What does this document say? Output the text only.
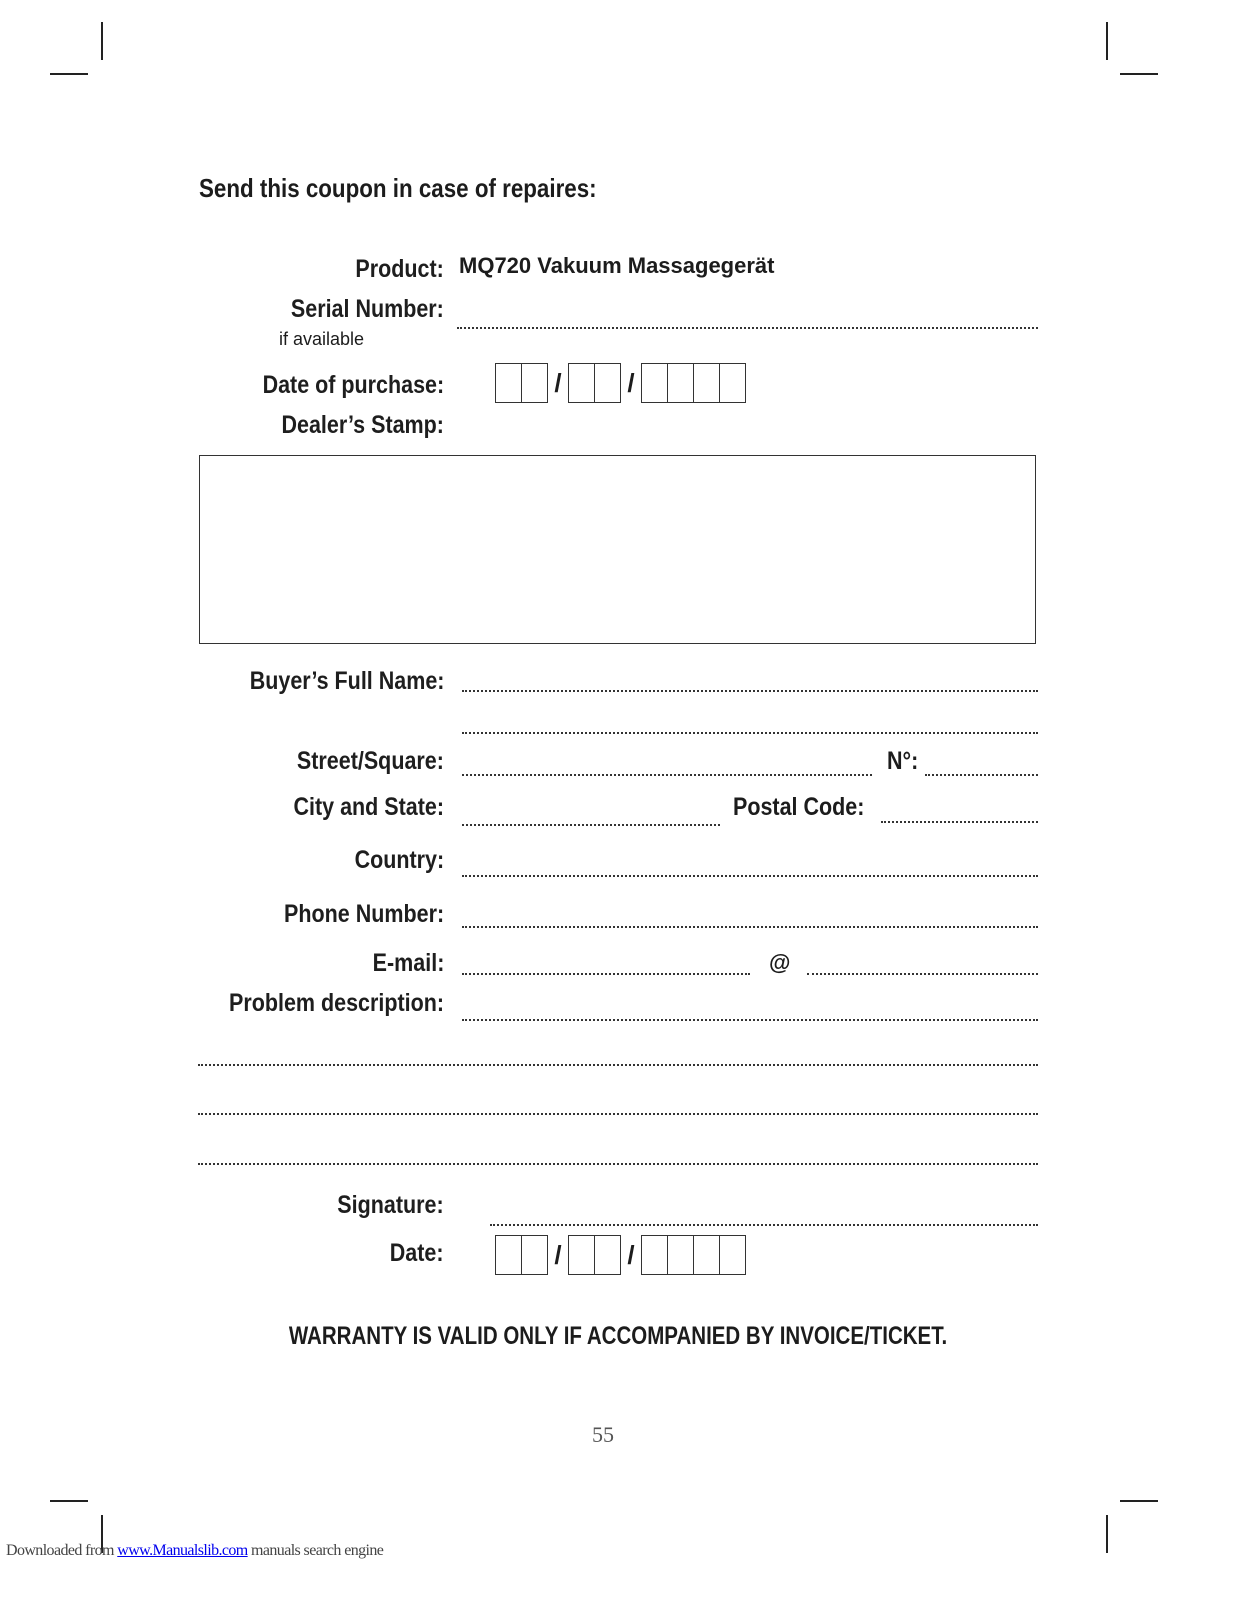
Send this coupon in case of repaires:
Product: MQ720 Vakuum Massagegerät
Serial Number:
if available
Date of purchase:	/	/
Dealer’s Stamp:
Buyer’s Full Name:
Street/Square:	N°:
City and State:	Postal Code:
Country:
Phone Number:
E-mail:	@
Problem description:
Signature:
Date:	/	/
WARRANTY IS VALID ONLY IF ACCOMPANIED BY INVOICE/TICKET.
55
Downloaded from www.Manualslib.com manuals search engine
